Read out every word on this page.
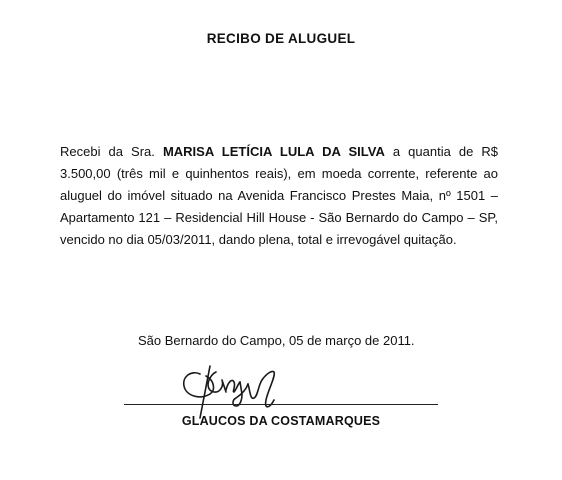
RECIBO DE ALUGUEL

Recebi da Sra. MARISA LETÍCIA LULA DA SILVA a quantia de R$ 3.500,00 (três mil e quinhentos reais), em moeda corrente, referente ao aluguel do imóvel situado na Avenida Francisco Prestes Maia, nº 1501 – Apartamento 121 – Residencial Hill House - São Bernardo do Campo – SP, vencido no dia 05/03/2011, dando plena, total e irrevogável quitação.

São Bernardo do Campo, 05 de março de 2011.
GLAUCOS DA COSTAMARQUES
